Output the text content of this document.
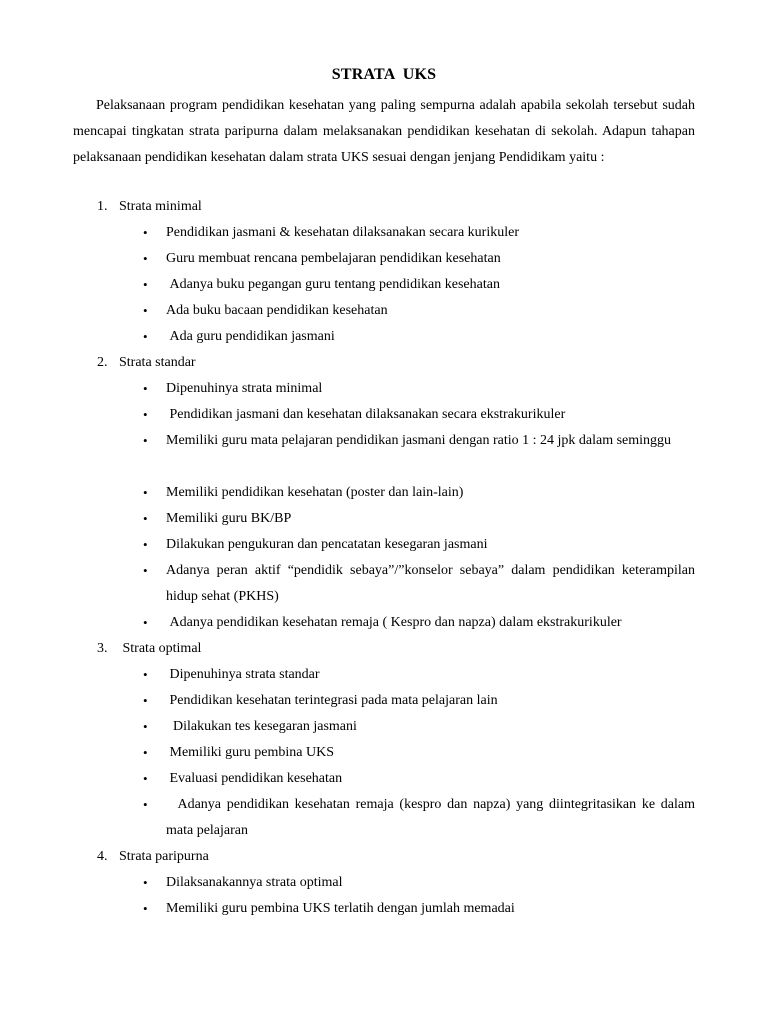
STRATA UKS

Pelaksanaan program pendidikan kesehatan yang paling sempurna adalah apabila sekolah tersebut sudah mencapai tingkatan strata paripurna dalam melaksanakan pendidikan kesehatan di sekolah. Adapun tahapan pelaksanaan pendidikan kesehatan dalam strata UKS sesuai dengan jenjang Pendidikam yaitu :

1. Strata minimal
•	Pendidikan jasmani & kesehatan dilaksanakan secara kurikuler
•	Guru membuat rencana pembelajaran pendidikan kesehatan
•	Adanya buku pegangan guru tentang pendidikan kesehatan
•	Ada buku bacaan pendidikan kesehatan
•	Ada guru pendidikan jasmani
2. Strata standar
•	Dipenuhinya strata minimal
•	Pendidikan jasmani dan kesehatan dilaksanakan secara ekstrakurikuler
•	Memiliki guru mata pelajaran pendidikan jasmani dengan ratio 1 : 24 jpk dalam seminggu
•	Memiliki pendidikan kesehatan (poster dan lain-lain)
•	Memiliki guru BK/BP
•	Dilakukan pengukuran dan pencatatan kesegaran jasmani
•	Adanya peran aktif “pendidik sebaya”/”konselor sebaya” dalam pendidikan keterampilan hidup sehat (PKHS)
•	Adanya pendidikan kesehatan remaja ( Kespro dan napza) dalam ekstrakurikuler
3. Strata optimal
•	Dipenuhinya strata standar
•	Pendidikan kesehatan terintegrasi pada mata pelajaran lain
•	Dilakukan tes kesegaran jasmani
•	Memiliki guru pembina UKS
•	Evaluasi pendidikan kesehatan
•	Adanya pendidikan kesehatan remaja (kespro dan napza) yang diintegritasikan ke dalam mata pelajaran
4. Strata paripurna
•	Dilaksanakannya strata optimal
•	Memiliki guru pembina UKS terlatih dengan jumlah memadai
